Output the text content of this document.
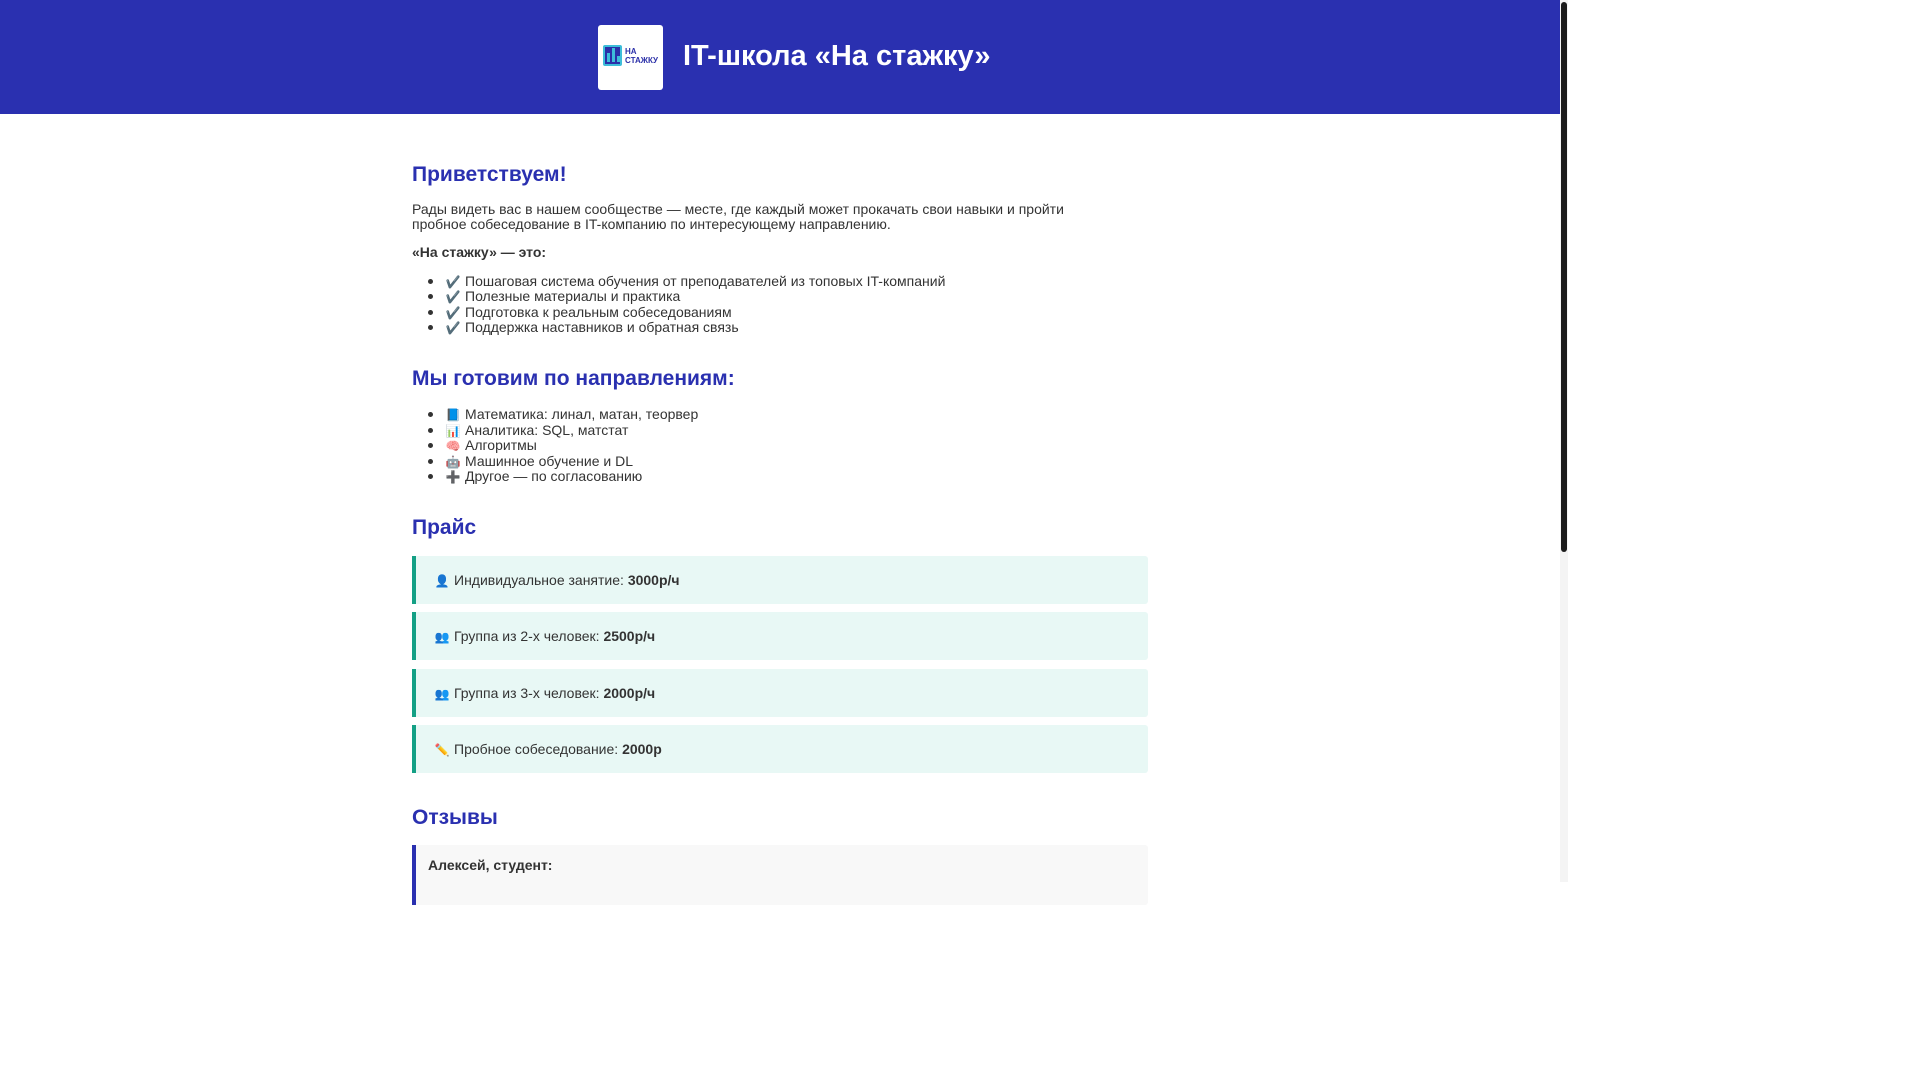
НА
СТАЖКУ IT-школа «На стажку»
Приветствуем!
Рады видеть вас в нашем сообществе — месте, где каждый может прокачать свои навыки и пройти пробное собеседование в IT-компанию по интересующему направлению.
«На стажку» — это:
✔️ Пошаговая система обучения от преподавателей из топовых IT-компаний
✔️ Полезные материалы и практика
✔️ Подготовка к реальным собеседованиям
✔️ Поддержка наставников и обратная связь
Мы готовим по направлениям:
📘 Математика: линал, матан, теорвер
📊 Аналитика: SQL, матстат
🧠 Алгоритмы
🤖 Машинное обучение и DL
➕ Другое — по согласованию
Прайс
👤 Индивидуальное занятие: 3000р/ч
👥 Группа из 2-х человек: 2500р/ч
👥 Группа из 3-х человек: 2000р/ч
✏️ Пробное собеседование: 2000р
Отзывы
Алексей, студент:
